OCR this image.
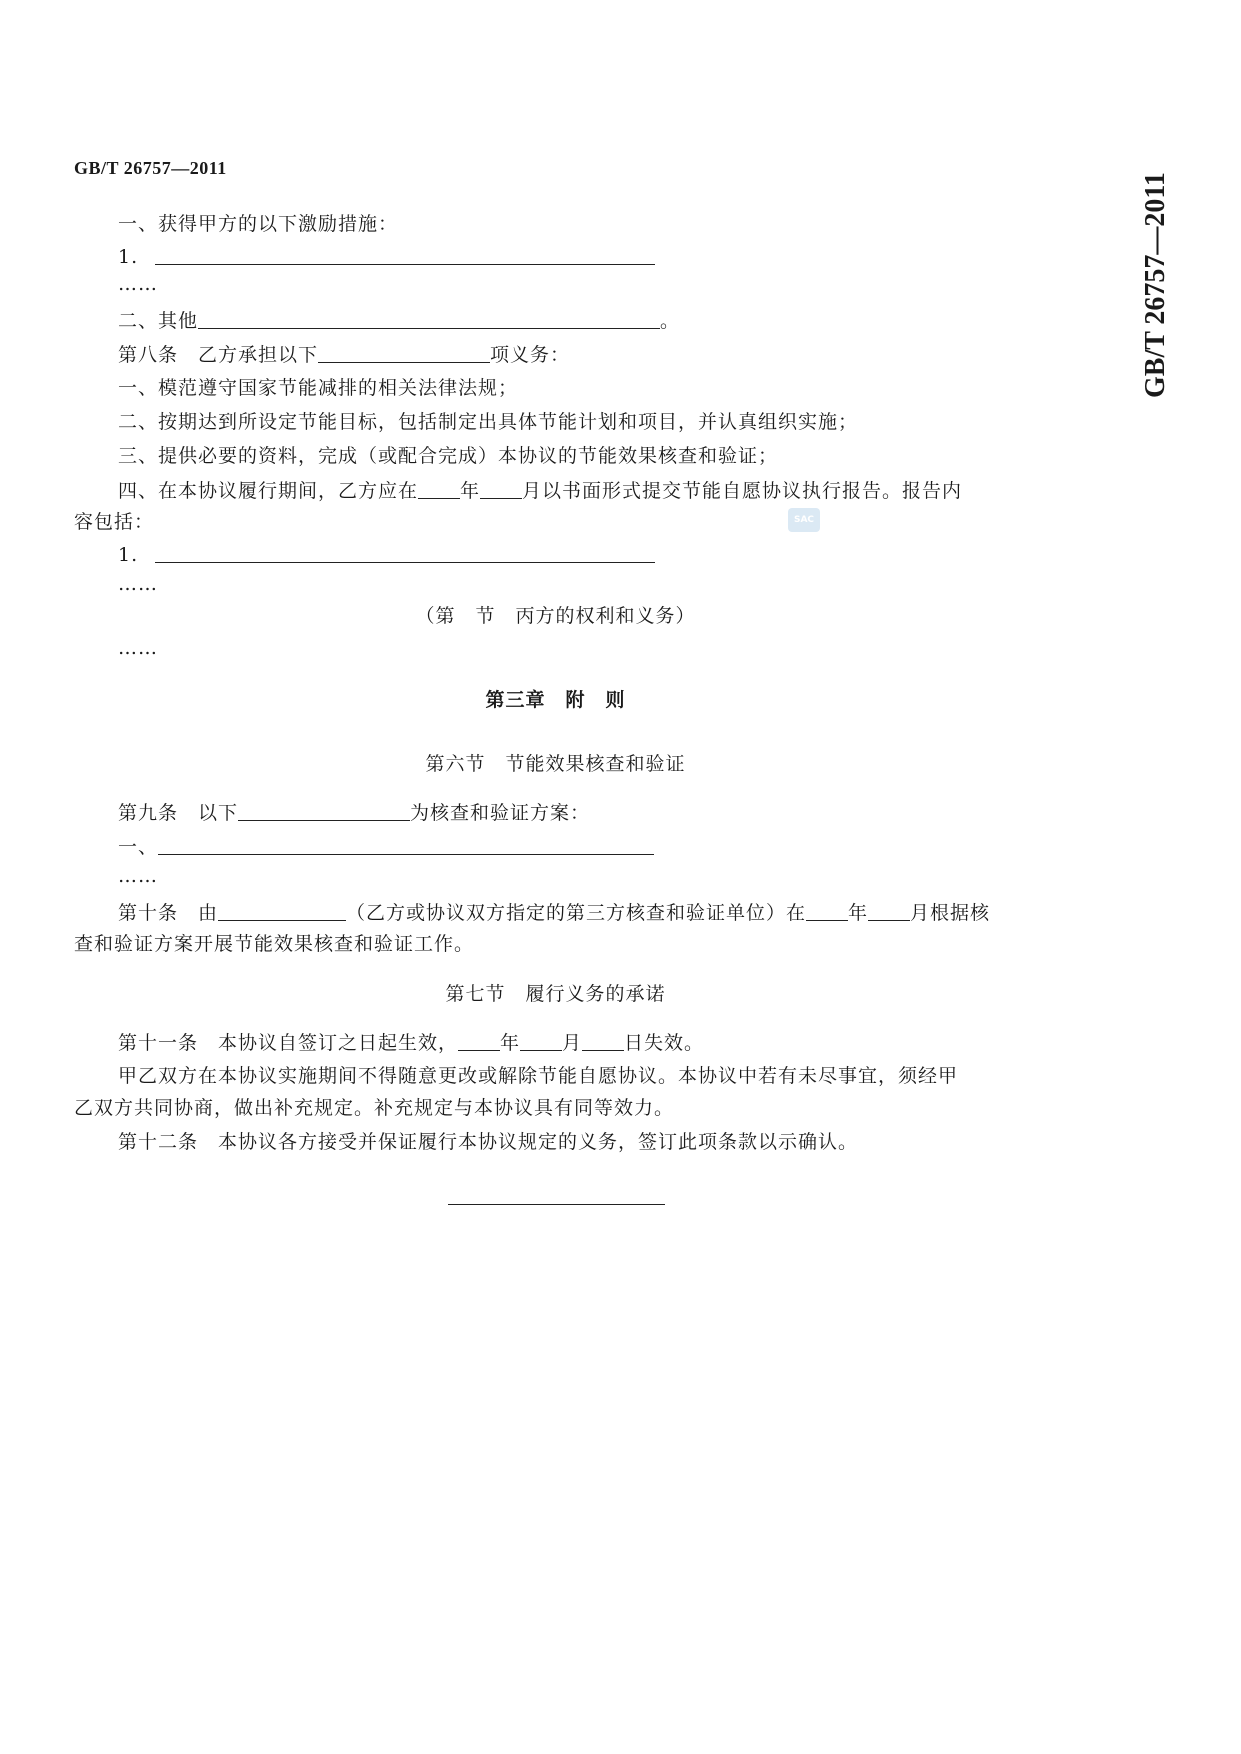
GB/T 26757—2011
GB/T 26757—2011
SAC
一、获得甲方的以下激励措施：
1.
……
二、其他	。
第八条　乙方承担以下	项义务：
一、模范遵守国家节能减排的相关法律法规；
二、按期达到所设定节能目标，包括制定出具体节能计划和项目，并认真组织实施；
三、提供必要的资料，完成（或配合完成）本协议的节能效果核查和验证；
四、在本协议履行期间，乙方应在 年 月以书面形式提交节能自愿协议执行报告。报告内
容包括：
1.
……
（第　节　丙方的权利和义务）
……
第三章　附　则
第六节　节能效果核查和验证
第九条　以下	为核查和验证方案：
一、
……
第十条　由	（乙方或协议双方指定的第三方核查和验证单位）在 年 月根据核
查和验证方案开展节能效果核查和验证工作。
第七节　履行义务的承诺
第十一条　本协议自签订之日起生效， 年 月 日失效。
甲乙双方在本协议实施期间不得随意更改或解除节能自愿协议。本协议中若有未尽事宜，须经甲
乙双方共同协商，做出补充规定。补充规定与本协议具有同等效力。
第十二条　本协议各方接受并保证履行本协议规定的义务，签订此项条款以示确认。
